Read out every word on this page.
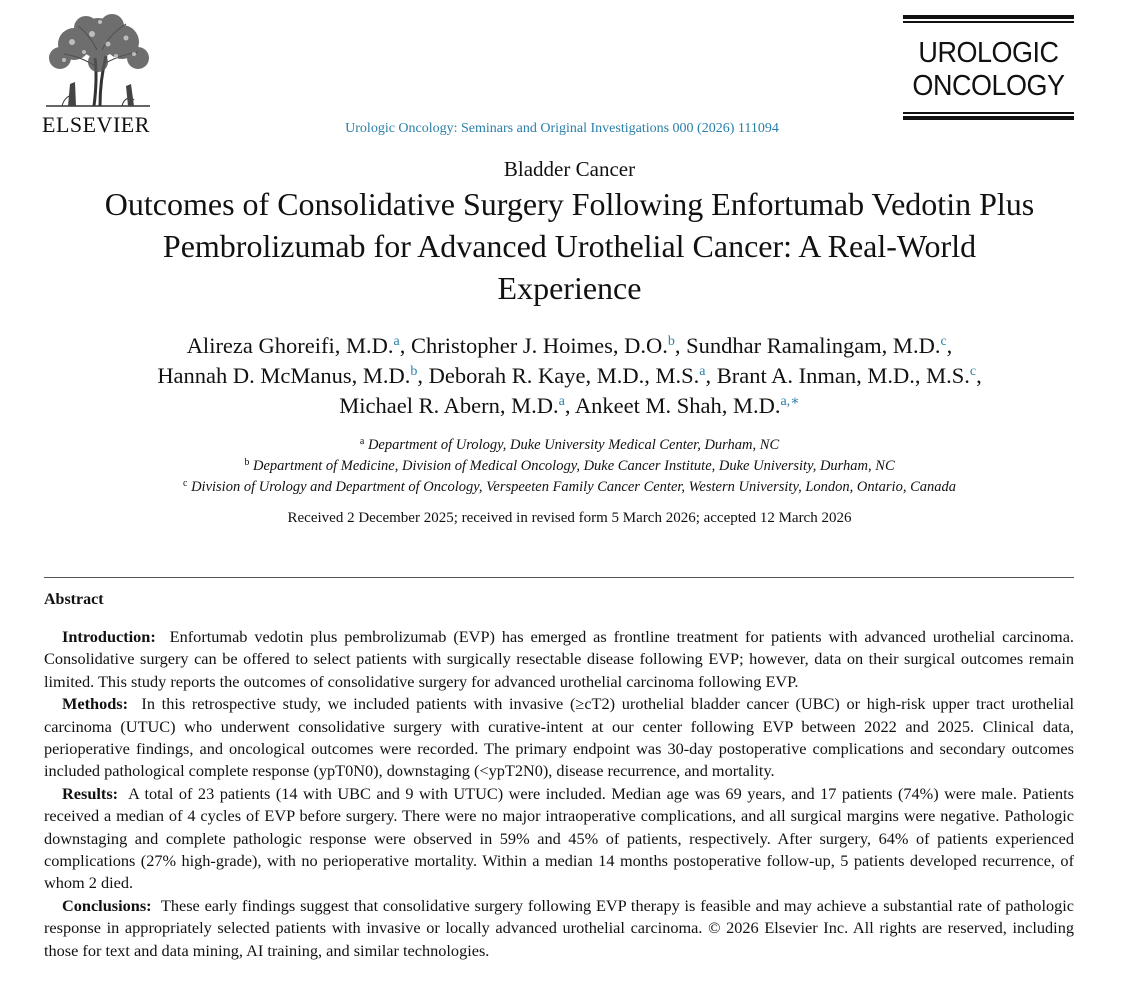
ELSEVIER
UROLOGIC
ONCOLOGY
Urologic Oncology: Seminars and Original Investigations 000 (2026) 111094
Bladder Cancer
Outcomes of Consolidative Surgery Following Enfortumab Vedotin Plus
Pembrolizumab for Advanced Urothelial Cancer: A Real-World
Experience
Alireza Ghoreifi, M.D.$^a$, Christopher J. Hoimes, D.O.$^b$, Sundhar Ramalingam, M.D.$^c$,
Hannah D. McManus, M.D.$^b$, Deborah R. Kaye, M.D., M.S.$^a$, Brant A. Inman, M.D., M.S.$^c$,
Michael R. Abern, M.D.$^a$, Ankeet M. Shah, M.D.$^{a,∗}$
$^a$ Department of Urology, Duke University Medical Center, Durham, NC
$^b$ Department of Medicine, Division of Medical Oncology, Duke Cancer Institute, Duke University, Durham, NC
$^c$ Division of Urology and Department of Oncology, Verspeeten Family Cancer Center, Western University, London, Ontario, Canada
Received 2 December 2025; received in revised form 5 March 2026; accepted 12 March 2026
Abstract

Introduction: Enfortumab vedotin plus pembrolizumab (EVP) has emerged as frontline treatment for patients with advanced urothelial carcinoma. Consolidative surgery can be offered to select patients with surgically resectable disease following EVP; however, data on their surgical outcomes remain limited. This study reports the outcomes of consolidative surgery for advanced urothelial carcinoma following EVP.

Methods: In this retrospective study, we included patients with invasive (≥cT2) urothelial bladder cancer (UBC) or high-risk upper tract urothelial carcinoma (UTUC) who underwent consolidative surgery with curative-intent at our center following EVP between 2022 and 2025. Clinical data, perioperative findings, and oncological outcomes were recorded. The primary endpoint was 30-day postoperative complications and secondary outcomes included pathological complete response (ypT0N0), downstaging (<ypT2N0), disease recurrence, and mortality.

Results: A total of 23 patients (14 with UBC and 9 with UTUC) were included. Median age was 69 years, and 17 patients (74%) were male. Patients received a median of 4 cycles of EVP before surgery. There were no major intraoperative complications, and all surgical margins were negative. Pathologic downstaging and complete pathologic response were observed in 59% and 45% of patients, respectively. After surgery, 64% of patients experienced complications (27% high-grade), with no perioperative mortality. Within a median 14 months postoperative follow-up, 5 patients developed recurrence, of whom 2 died.

Conclusions: These early findings suggest that consolidative surgery following EVP therapy is feasible and may achieve a substantial rate of pathologic response in appropriately selected patients with invasive or locally advanced urothelial carcinoma. © 2026 Elsevier Inc. All rights are reserved, including those for text and data mining, AI training, and similar technologies.
